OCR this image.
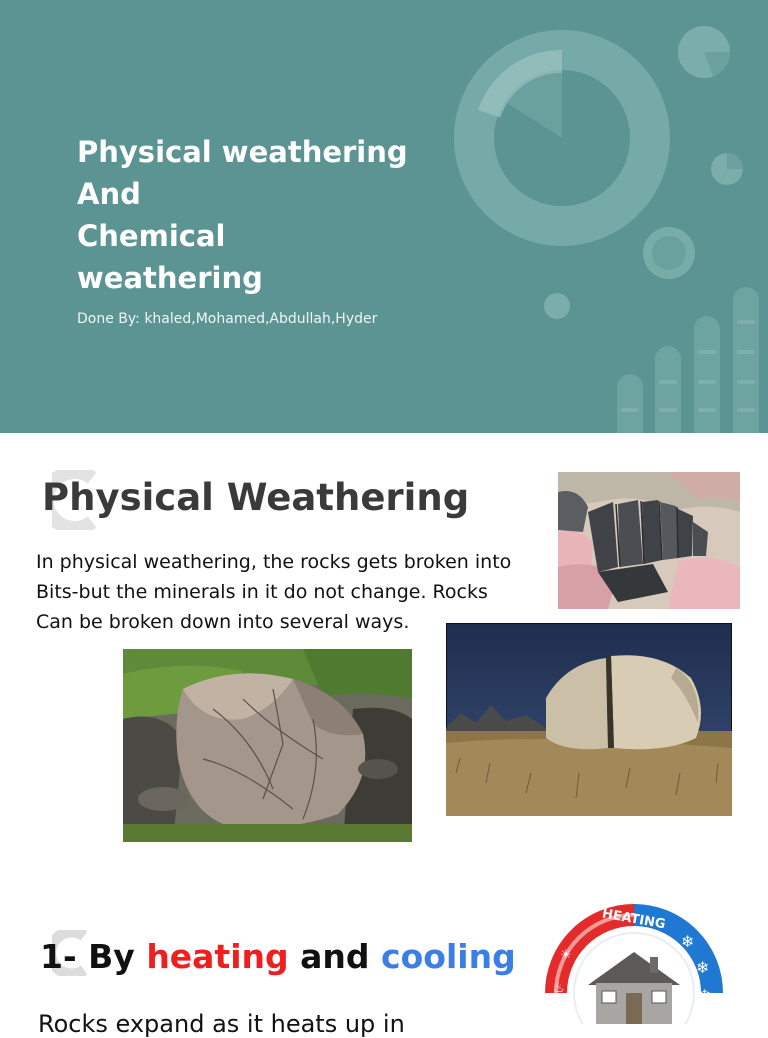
Physical weathering
And
Chemical
weathering
Done By: khaled,Mohamed,Abdullah,Hyder
Physical Weathering

In physical weathering, the rocks gets broken into
Bits-but the minerals in it do not change. Rocks
Can be broken down into several ways.

1- By heating and cooling
Rocks expand as it heats up in
HEATING
❄
❄
❄
☀
♨
